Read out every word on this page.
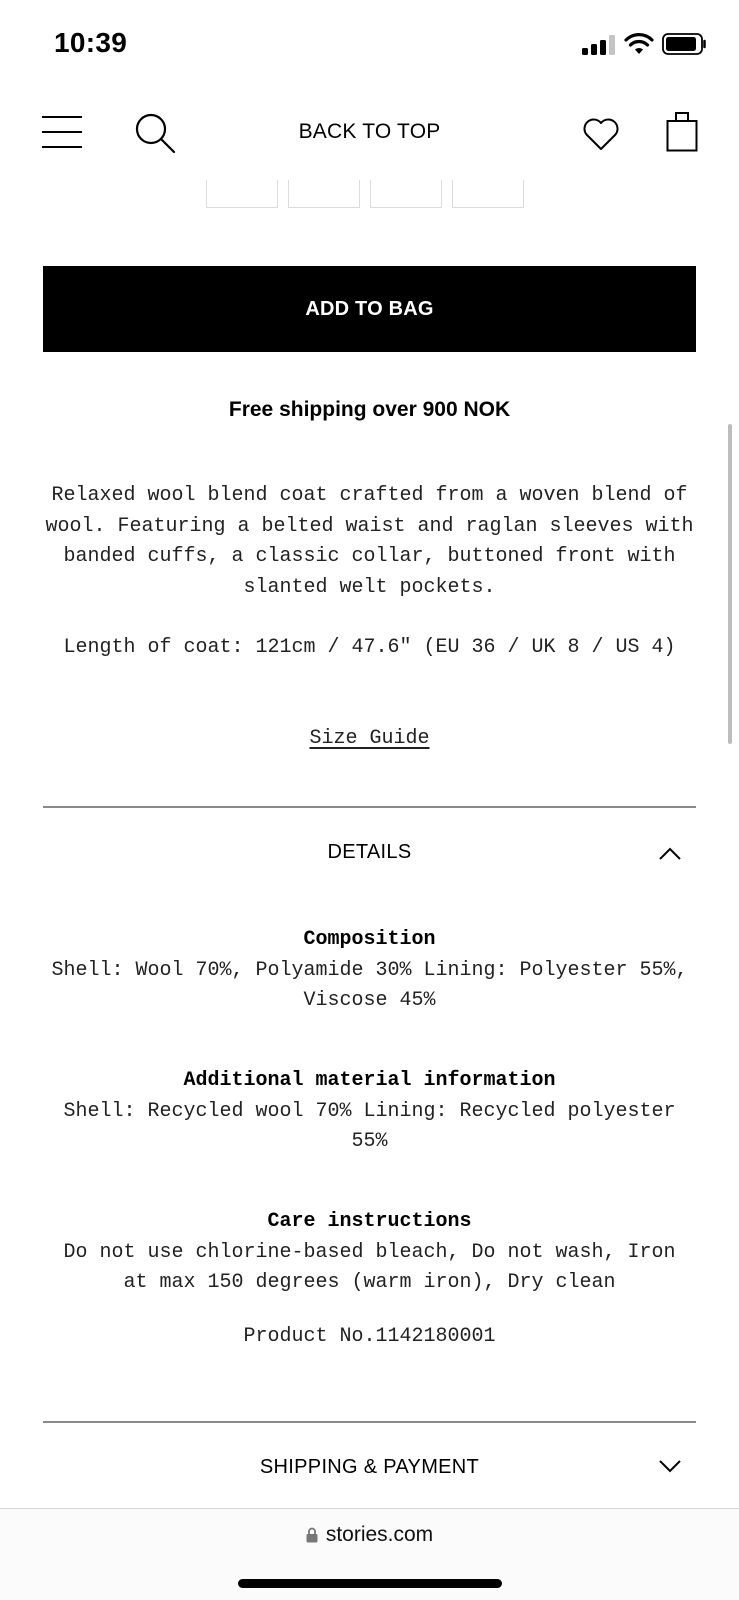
10:39
BACK TO TOP
ADD TO BAG
Free shipping over 900 NOK
Relaxed wool blend coat crafted from a woven blend of wool. Featuring a belted waist and raglan sleeves with banded cuffs, a classic collar, buttoned front with slanted welt pockets.
Length of coat: 121cm / 47.6" (EU 36 / UK 8 / US 4)
Size Guide
DETAILS
Composition
Shell: Wool 70%, Polyamide 30% Lining: Polyester 55%, Viscose 45%
Additional material information
Shell: Recycled wool 70% Lining: Recycled polyester 55%
Care instructions
Do not use chlorine-based bleach, Do not wash, Iron at max 150 degrees (warm iron), Dry clean
Product No.1142180001
SHIPPING & PAYMENT
stories.com
